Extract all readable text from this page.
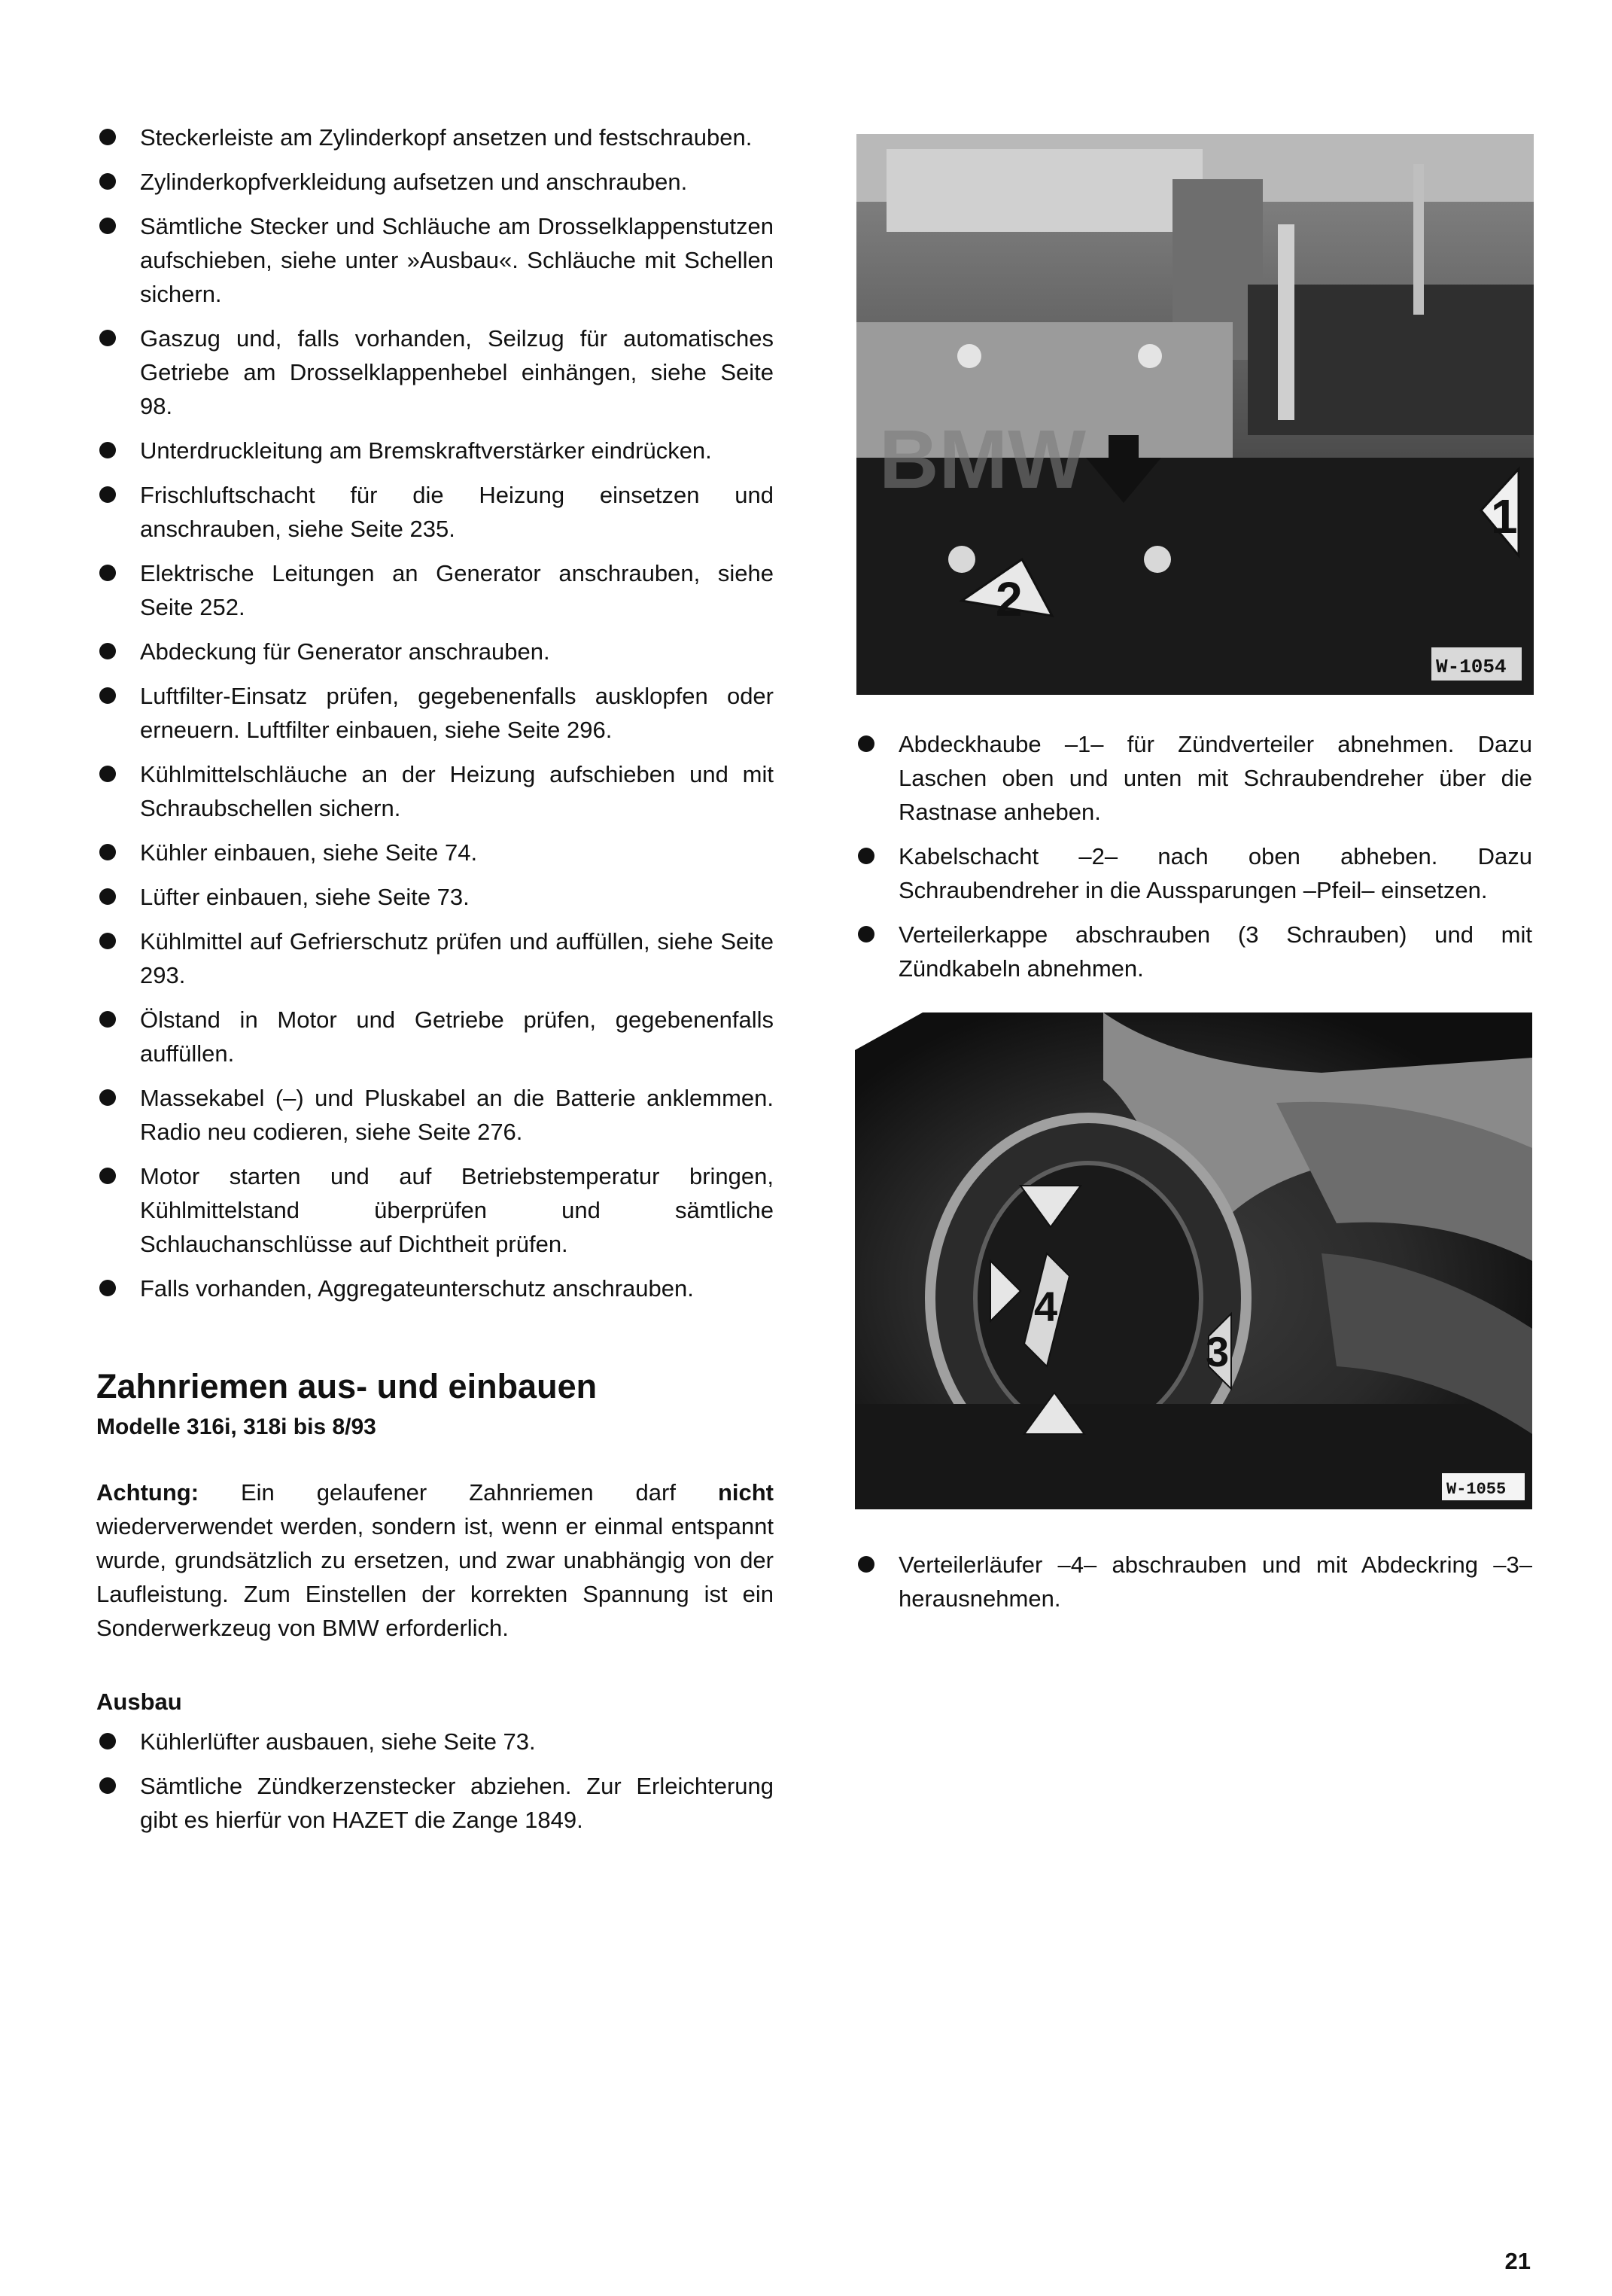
Steckerleiste am Zylinderkopf ansetzen und festschrauben.
Zylinderkopfverkleidung aufsetzen und anschrauben.
Sämtliche Stecker und Schläuche am Drosselklappenstutzen aufschieben, siehe unter »Ausbau«. Schläuche mit Schellen sichern.
Gaszug und, falls vorhanden, Seilzug für automatisches Getriebe am Drosselklappenhebel einhängen, siehe Seite 98.
Unterdruckleitung am Bremskraftverstärker eindrücken.
Frischluftschacht für die Heizung einsetzen und anschrauben, siehe Seite 235.
Elektrische Leitungen an Generator anschrauben, siehe Seite 252.
Abdeckung für Generator anschrauben.
Luftfilter-Einsatz prüfen, gegebenenfalls ausklopfen oder erneuern. Luftfilter einbauen, siehe Seite 296.
Kühlmittelschläuche an der Heizung aufschieben und mit Schraubschellen sichern.
Kühler einbauen, siehe Seite 74.
Lüfter einbauen, siehe Seite 73.
Kühlmittel auf Gefrierschutz prüfen und auffüllen, siehe Seite 293.
Ölstand in Motor und Getriebe prüfen, gegebenenfalls auffüllen.
Massekabel (–) und Pluskabel an die Batterie anklemmen. Radio neu codieren, siehe Seite 276.
Motor starten und auf Betriebstemperatur bringen, Kühlmittelstand überprüfen und sämtliche Schlauchanschlüsse auf Dichtheit prüfen.
Falls vorhanden, Aggregateunterschutz anschrauben.
Zahnriemen aus- und einbauen
Modelle 316i, 318i bis 8/93

Achtung: Ein gelaufener Zahnriemen darf nicht wiederverwendet werden, sondern ist, wenn er einmal entspannt wurde, grundsätzlich zu ersetzen, und zwar unabhängig von der Laufleistung. Zum Einstellen der korrekten Spannung ist ein Sonderwerkzeug von BMW erforderlich.

Ausbau
Kühlerlüfter ausbauen, siehe Seite 73.
Sämtliche Zündkerzenstecker abziehen. Zur Erleichterung gibt es hierfür von HAZET die Zange 1849.
BMW
1
2
W-1054
Abdeckhaube –1– für Zündverteiler abnehmen. Dazu Laschen oben und unten mit Schraubendreher über die Rastnase anheben.
Kabelschacht –2– nach oben abheben. Dazu Schraubendreher in die Aussparungen –Pfeil– einsetzen.
Verteilerkappe abschrauben (3 Schrauben) und mit Zündkabeln abnehmen.
4
3
W-1055
Verteilerläufer –4– abschrauben und mit Abdeckring –3– herausnehmen.
21
